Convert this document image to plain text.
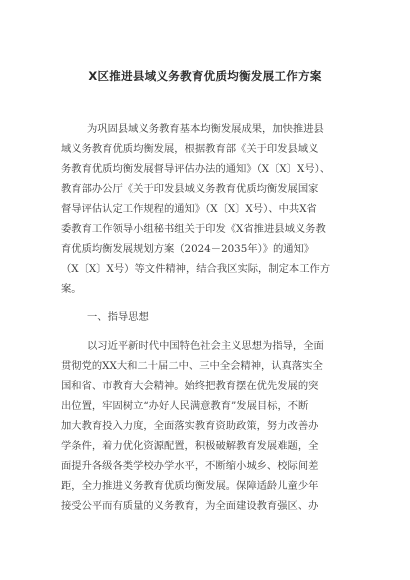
X区推进县域义务教育优质均衡发展工作方案
为巩固县域义务教育基本均衡发展成果，加快推进县
域义务教育优质均衡发展，根据教育部《关于印发县域义
务教育优质均衡发展督导评估办法的通知》（X〔X〕X号）、
教育部办公厅《关于印发县域义务教育优质均衡发展国家
督导评估认定工作规程的通知》（X〔X〕X号）、中共X省
委教育工作领导小组秘书组关于印发《X省推进县域义务教
育优质均衡发展规划方案（2024－2035年）》的通知》
（X〔X〕X号）等文件精神，结合我区实际，制定本工作方
案。
一、指导思想
以习近平新时代中国特色社会主义思想为指导，全面
贯彻党的XX大和二十届二中、三中全会精神，认真落实全
国和省、市教育大会精神。始终把教育摆在优先发展的突
出位置，牢固树立“办好人民满意教育”发展目标，不断
加大教育投入力度，全面落实教育资助政策，努力改善办
学条件，着力优化资源配置，积极破解教育发展难题，全
面提升各级各类学校办学水平，不断缩小城乡、校际间差
距，全力推进义务教育优质均衡发展。保障适龄儿童少年
接受公平而有质量的义务教育，为全面建设教育强区、办
